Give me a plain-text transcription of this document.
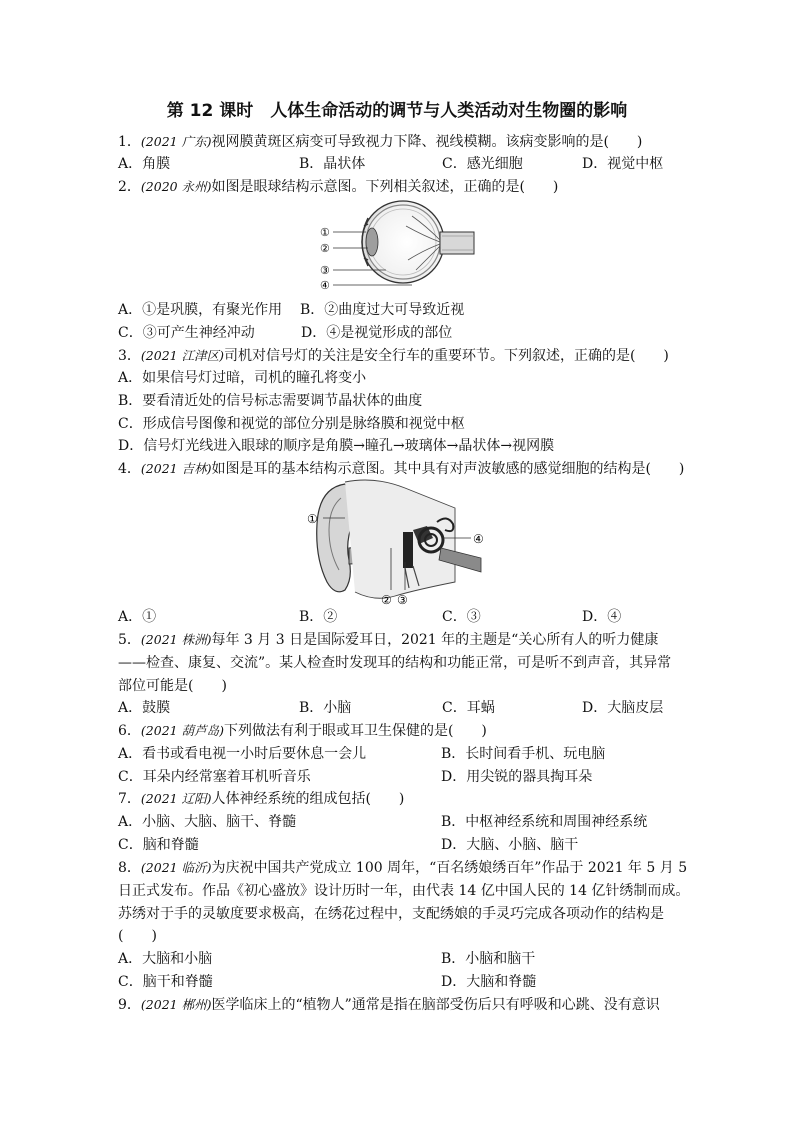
第 12 课时　人体生命活动的调节与人类活动对生物圈的影响
1．(2021 广东)视网膜黄斑区病变可导致视力下降、视线模糊。该病变影响的是(　　)
A．角膜	B．晶状体	C．感光细胞	D．视觉中枢
2．(2020 永州)如图是眼球结构示意图。下列相关叙述，正确的是(　　)
①
②
③
④
A．①是巩膜，有聚光作用 B．②曲度过大可导致近视
C．③可产生神经冲动	D．④是视觉形成的部位
3．(2021 江津区)司机对信号灯的关注是安全行车的重要环节。下列叙述，正确的是(　　)
A．如果信号灯过暗，司机的瞳孔将变小
B．要看清近处的信号标志需要调节晶状体的曲度
C．形成信号图像和视觉的部位分别是脉络膜和视觉中枢
D．信号灯光线进入眼球的顺序是角膜→瞳孔→玻璃体→晶状体→视网膜
4．(2021 吉林)如图是耳的基本结构示意图。其中具有对声波敏感的感觉细胞的结构是(　　)
①
② ③
④
A．①	B．②	C．③	D．④
5．(2021 株洲)每年 3 月 3 日是国际爱耳日，2021 年的主题是“关心所有人的听力健康
——检查、康复、交流”。某人检查时发现耳的结构和功能正常，可是听不到声音，其异常
部位可能是(　　)
A．鼓膜	B．小脑	C．耳蜗	D．大脑皮层
6．(2021 葫芦岛)下列做法有利于眼或耳卫生保健的是(　　)
A．看书或看电视一小时后要休息一会儿	B．长时间看手机、玩电脑
C．耳朵内经常塞着耳机听音乐	D．用尖锐的器具掏耳朵
7．(2021 辽阳)人体神经系统的组成包括(　　)
A．小脑、大脑、脑干、脊髓	B．中枢神经系统和周围神经系统
C．脑和脊髓	D．大脑、小脑、脑干
8．(2021 临沂)为庆祝中国共产党成立 100 周年，“百名绣娘绣百年”作品于 2021 年 5 月 5
日正式发布。作品《初心盛放》设计历时一年，由代表 14 亿中国人民的 14 亿针绣制而成。
苏绣对于手的灵敏度要求极高，在绣花过程中，支配绣娘的手灵巧完成各项动作的结构是
(　　)
A．大脑和小脑	B．小脑和脑干
C．脑干和脊髓	D．大脑和脊髓
9．(2021 郴州)医学临床上的“植物人”通常是指在脑部受伤后只有呼吸和心跳、没有意识
